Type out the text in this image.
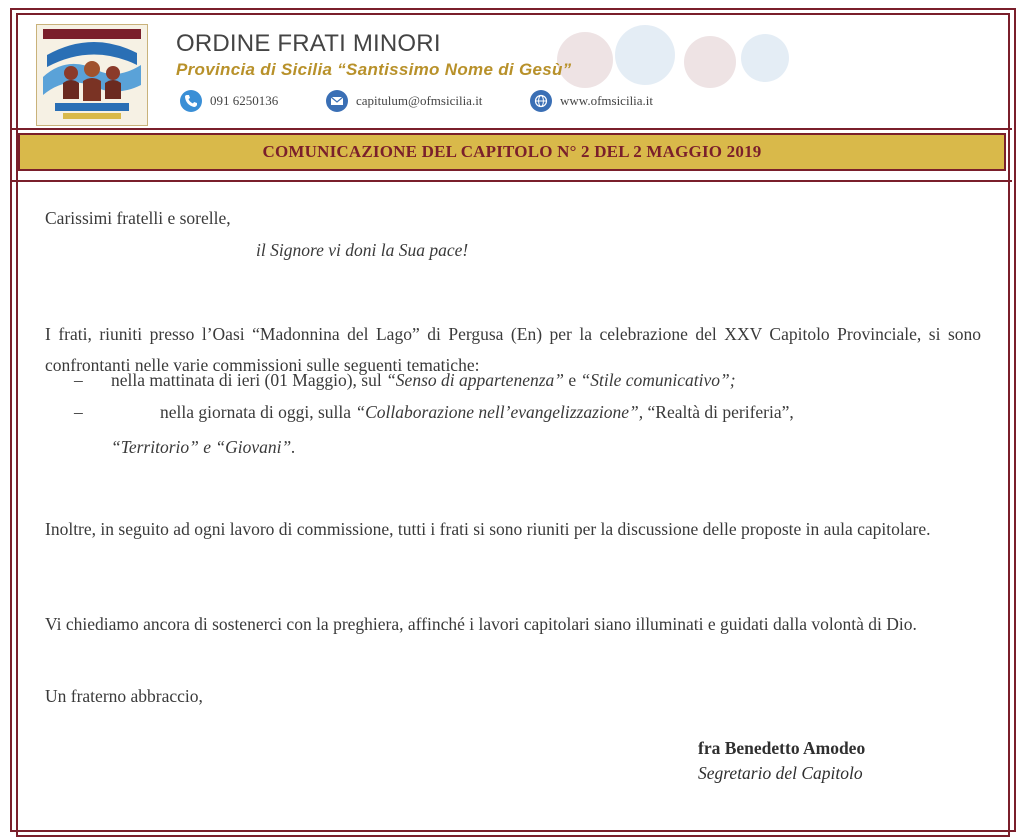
ORDINE FRATI MINORI
Provincia di Sicilia “Santissimo Nome di Gesù”
091 6250136	capitulum@ofmsicilia.it	www.ofmsicilia.it
COMUNICAZIONE DEL CAPITOLO N° 2 DEL 2 MAGGIO 2019
Carissimi fratelli e sorelle,
il Signore vi doni la Sua pace!

I frati, riuniti presso l’Oasi “Madonnina del Lago” di Pergusa (En) per la celebrazione del XXV Capitolo Provinciale, si sono confrontanti nelle varie commissioni sulle seguenti tematiche:

– nella mattinata di ieri (01 Maggio), sul “Senso di appartenenza” e “Stile comunicativo”;
–	nella giornata di oggi, sulla “Collaborazione nell’evangelizzazione”, “Realtà di periferia”,
“Territorio” e “Giovani”.

Inoltre, in seguito ad ogni lavoro di commissione, tutti i frati si sono riuniti per la discussione delle proposte in aula capitolare.

Vi chiediamo ancora di sostenerci con la preghiera, affinché i lavori capitolari siano illuminati e guidati dalla volontà di Dio.

Un fraterno abbraccio,
fra Benedetto Amodeo
Segretario del Capitolo
